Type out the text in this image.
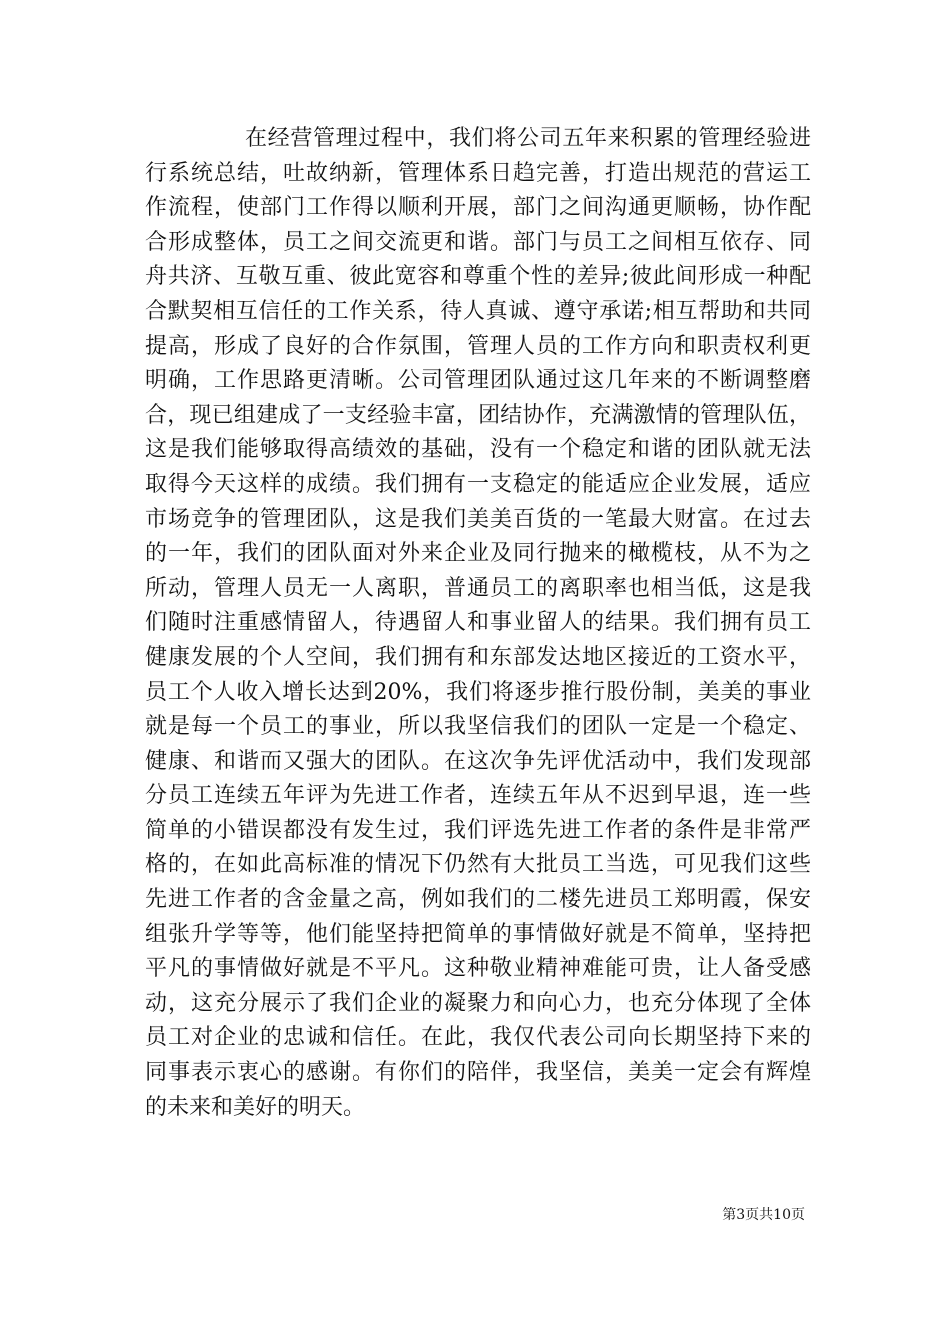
在经营管理过程中，我们将公司五年来积累的管理经验进
行系统总结，吐故纳新，管理体系日趋完善，打造出规范的营运工
作流程，使部门工作得以顺利开展，部门之间沟通更顺畅，协作配
合形成整体，员工之间交流更和谐。部门与员工之间相互依存、同
舟共济、互敬互重、彼此宽容和尊重个性的差异;彼此间形成一种配
合默契相互信任的工作关系，待人真诚、遵守承诺;相互帮助和共同
提高，形成了良好的合作氛围，管理人员的工作方向和职责权利更
明确，工作思路更清晰。公司管理团队通过这几年来的不断调整磨
合，现已组建成了一支经验丰富，团结协作，充满激情的管理队伍，
这是我们能够取得高绩效的基础，没有一个稳定和谐的团队就无法
取得今天这样的成绩。我们拥有一支稳定的能适应企业发展，适应
市场竞争的管理团队，这是我们美美百货的一笔最大财富。在过去
的一年，我们的团队面对外来企业及同行抛来的橄榄枝，从不为之
所动，管理人员无一人离职，普通员工的离职率也相当低，这是我
们随时注重感情留人，待遇留人和事业留人的结果。我们拥有员工
健康发展的个人空间，我们拥有和东部发达地区接近的工资水平，
员工个人收入增长达到20%，我们将逐步推行股份制，美美的事业
就是每一个员工的事业，所以我坚信我们的团队一定是一个稳定、
健康、和谐而又强大的团队。在这次争先评优活动中，我们发现部
分员工连续五年评为先进工作者，连续五年从不迟到早退，连一些
简单的小错误都没有发生过，我们评选先进工作者的条件是非常严
格的，在如此高标准的情况下仍然有大批员工当选，可见我们这些
先进工作者的含金量之高，例如我们的二楼先进员工郑明霞，保安
组张升学等等，他们能坚持把简单的事情做好就是不简单，坚持把
平凡的事情做好就是不平凡。这种敬业精神难能可贵，让人备受感
动，这充分展示了我们企业的凝聚力和向心力，也充分体现了全体
员工对企业的忠诚和信任。在此，我仅代表公司向长期坚持下来的
同事表示衷心的感谢。有你们的陪伴，我坚信，美美一定会有辉煌
的未来和美好的明天。
第3页共10页
